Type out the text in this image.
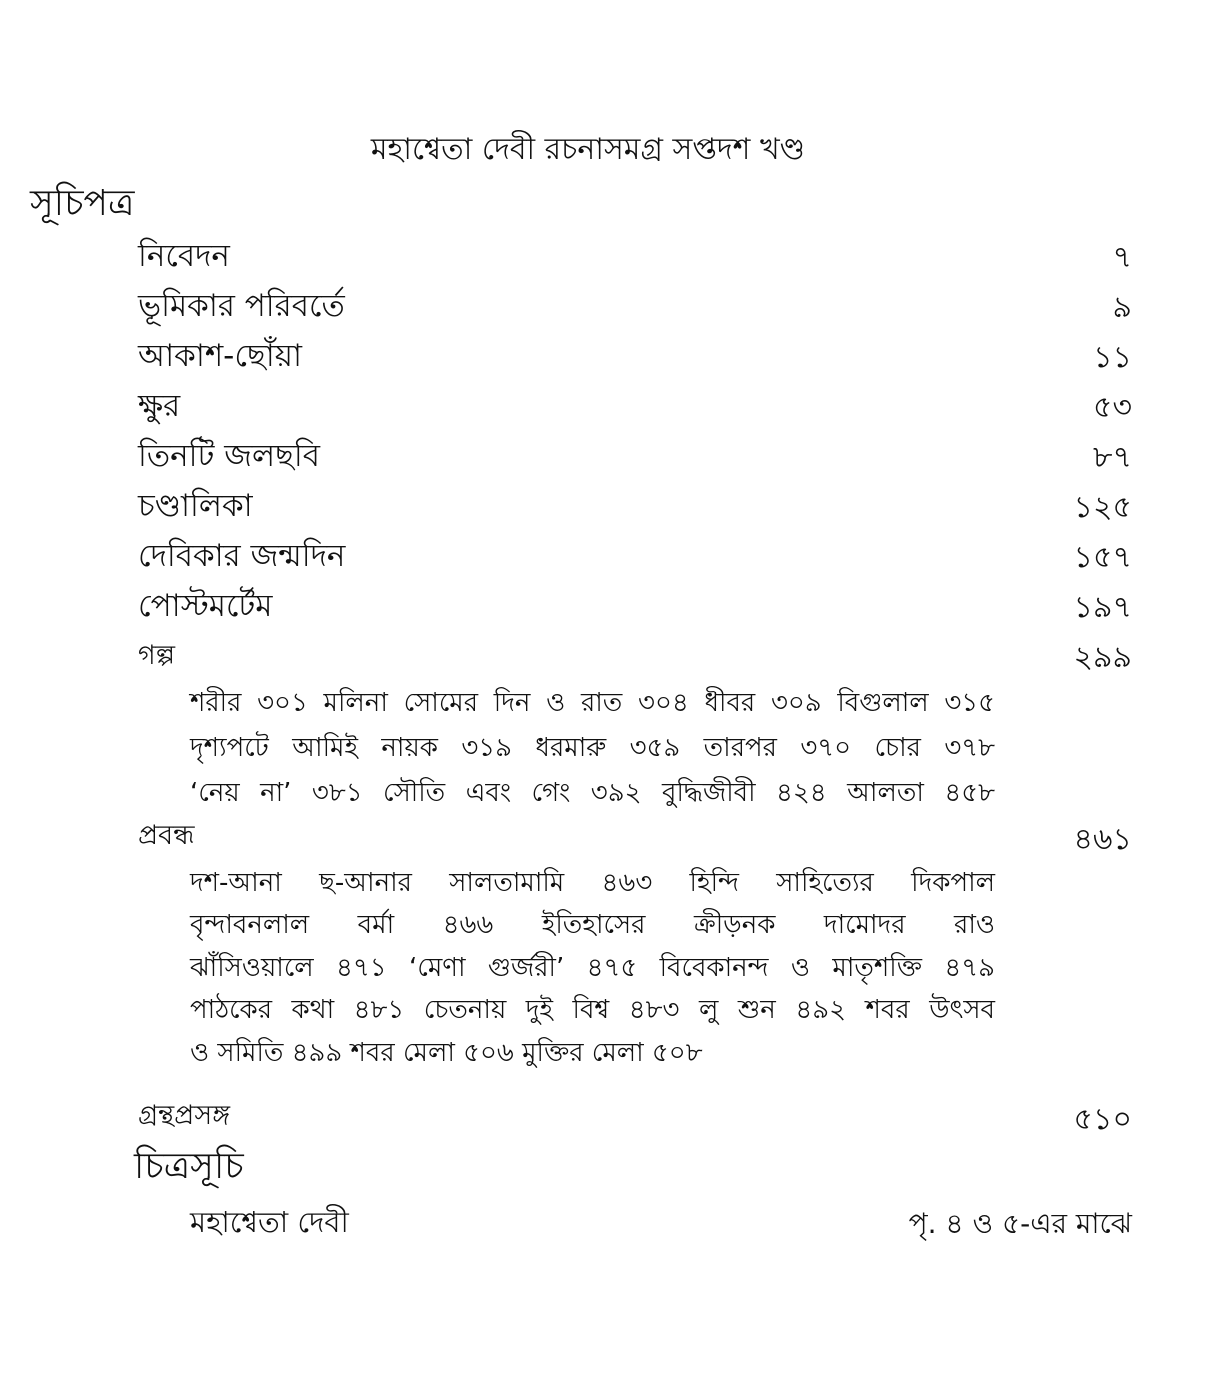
মহাশ্বেতা দেবী রচনাসমগ্র সপ্তদশ খণ্ড
সূচিপত্র
নিবেদন	৭
ভূমিকার পরিবর্তে	৯
আকাশ-ছোঁয়া	১১
ক্ষুর	৫৩
তিনটি জলছবি	৮৭
চণ্ডালিকা	১২৫
দেবিকার জন্মদিন	১৫৭
পোস্টমর্টেম	১৯৭
গল্প	২৯৯
শরীর ৩০১ মলিনা সোমের দিন ও রাত ৩০৪ ধীবর ৩০৯ বিগুলাল ৩১৫
দৃশ্যপটে আমিই নায়ক ৩১৯ ধরমারু ৩৫৯ তারপর ৩৭০ চোর ৩৭৮
‘নেয় না’ ৩৮১ সৌতি এবং গেং ৩৯২ বুদ্ধিজীবী ৪২৪ আলতা ৪৫৮
প্রবন্ধ	৪৬১
দশ-আনা ছ-আনার সালতামামি ৪৬৩ হিন্দি সাহিত্যের দিকপাল
বৃন্দাবনলাল বর্মা ৪৬৬ ইতিহাসের ক্রীড়নক দামোদর রাও
ঝাঁসিওয়ালে ৪৭১ ‘মেণা গুর্জরী’ ৪৭৫ বিবেকানন্দ ও মাতৃশক্তি ৪৭৯
পাঠকের কথা ৪৮১ চেতনায় দুই বিশ্ব ৪৮৩ লু শুন ৪৯২ শবর উৎসব
ও সমিতি ৪৯৯ শবর মেলা ৫০৬ মুক্তির মেলা ৫০৮
গ্রন্থপ্রসঙ্গ	৫১০
চিত্রসূচি
মহাশ্বেতা দেবী	পৃ. ৪ ও ৫-এর মাঝে
